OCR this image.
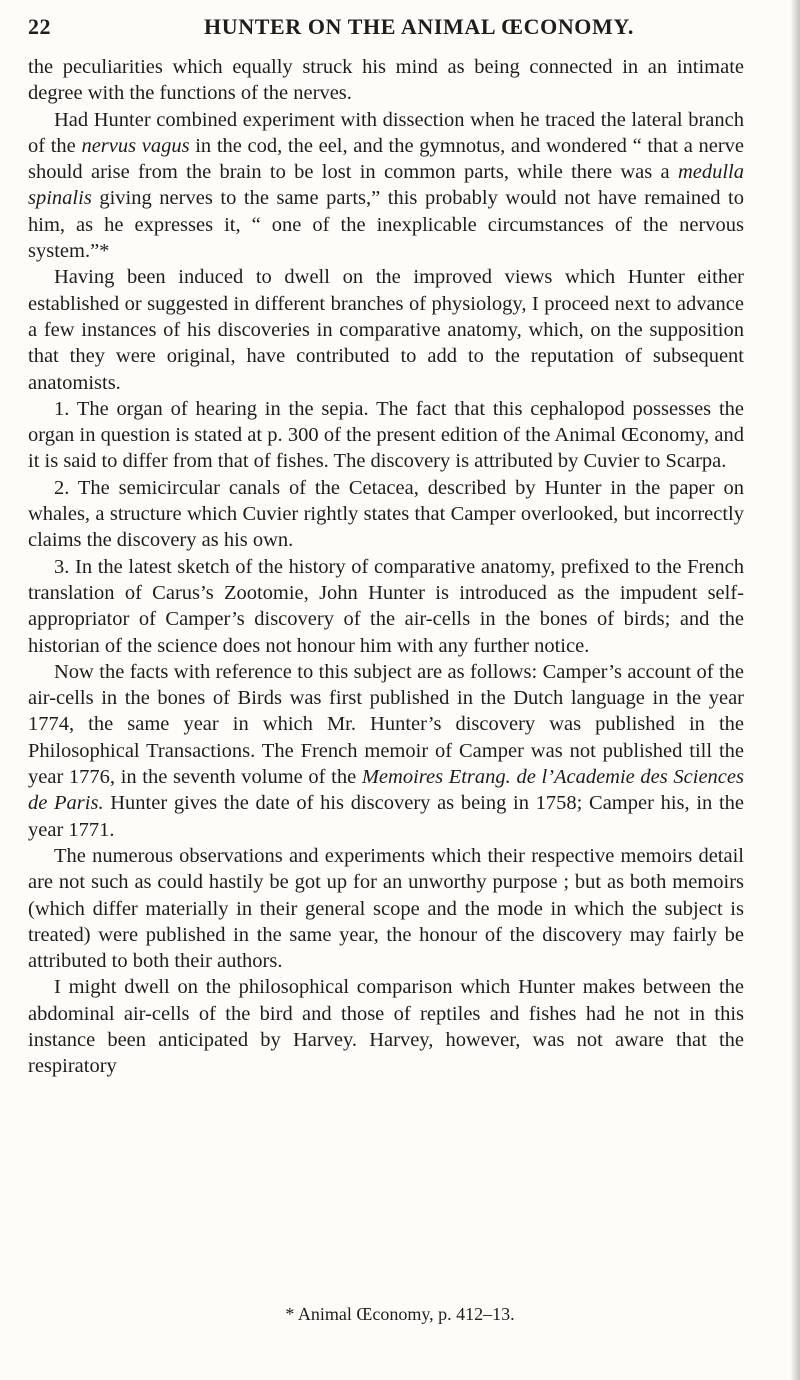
22	HUNTER ON THE ANIMAL ŒCONOMY.

the peculiarities which equally struck his mind as being connected in an intimate degree with the functions of the nerves.

Had Hunter combined experiment with dissection when he traced the lateral branch of the nervus vagus in the cod, the eel, and the gymnotus, and wondered “ that a nerve should arise from the brain to be lost in common parts, while there was a medulla spinalis giving nerves to the same parts,” this probably would not have remained to him, as he expresses it, “ one of the inexplicable circumstances of the nervous system.”*

Having been induced to dwell on the improved views which Hunter either established or suggested in different branches of physiology, I proceed next to advance a few instances of his discoveries in comparative anatomy, which, on the supposition that they were original, have contributed to add to the reputation of subsequent anatomists.

1. The organ of hearing in the sepia. The fact that this cephalopod possesses the organ in question is stated at p. 300 of the present edition of the Animal Œconomy, and it is said to differ from that of fishes. The discovery is attributed by Cuvier to Scarpa.

2. The semicircular canals of the Cetacea, described by Hunter in the paper on whales, a structure which Cuvier rightly states that Camper overlooked, but incorrectly claims the discovery as his own.

3. In the latest sketch of the history of comparative anatomy, prefixed to the French translation of Carus’s Zootomie, John Hunter is introduced as the impudent self-appropriator of Camper’s discovery of the air-cells in the bones of birds; and the historian of the science does not honour him with any further notice.

Now the facts with reference to this subject are as follows: Camper’s account of the air-cells in the bones of Birds was first published in the Dutch language in the year 1774, the same year in which Mr. Hunter’s discovery was published in the Philosophical Transactions. The French memoir of Camper was not published till the year 1776, in the seventh volume of the Memoires Etrang. de l’Academie des Sciences de Paris. Hunter gives the date of his discovery as being in 1758; Camper his, in the year 1771.

The numerous observations and experiments which their respective memoirs detail are not such as could hastily be got up for an unworthy purpose ; but as both memoirs (which differ materially in their general scope and the mode in which the subject is treated) were published in the same year, the honour of the discovery may fairly be attributed to both their authors.

I might dwell on the philosophical comparison which Hunter makes between the abdominal air-cells of the bird and those of reptiles and fishes had he not in this instance been anticipated by Harvey. Harvey, however, was not aware that the respiratory

* Animal Œconomy, p. 412–13.
